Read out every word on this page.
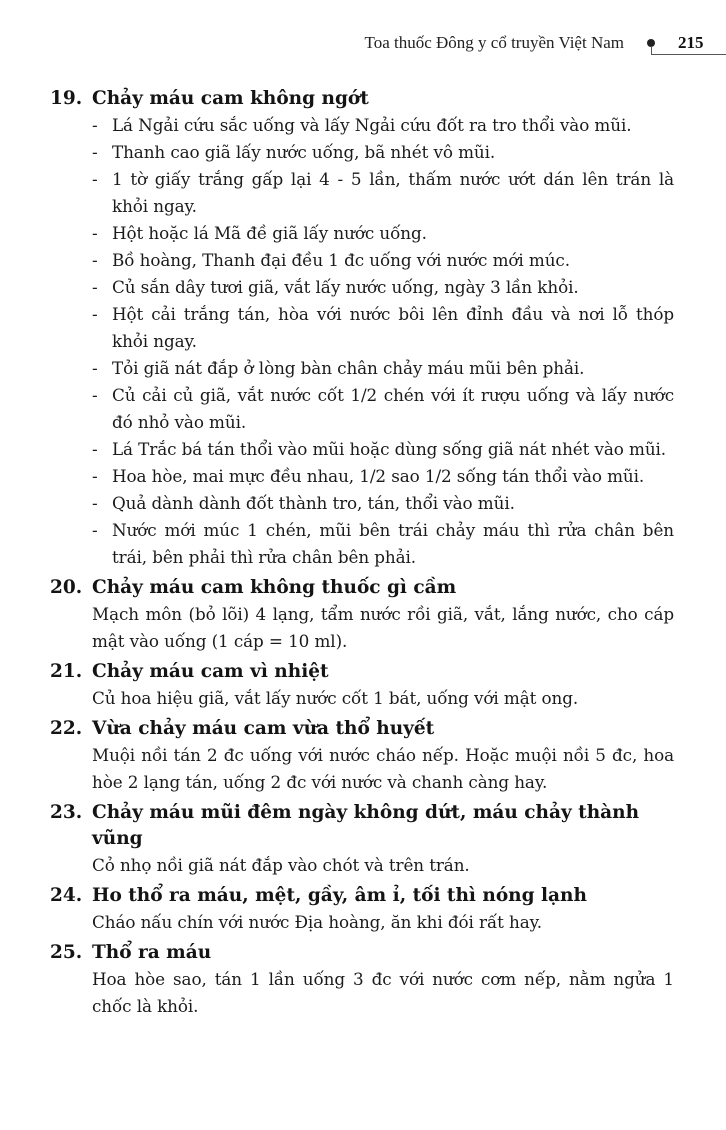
Toa thuốc Đông y cổ truyền Việt Nam	215
19. Chảy máu cam không ngớt
- Lá Ngải cứu sắc uống và lấy Ngải cứu đốt ra tro thổi vào mũi.
- Thanh cao giã lấy nước uống, bã nhét vô mũi.
- 1 tờ giấy trắng gấp lại 4 - 5 lần, thấm nước ướt dán lên trán là khỏi ngay.
- Hột hoặc lá Mã đề giã lấy nước uống.
- Bồ hoàng, Thanh đại đều 1 đc uống với nước mới múc.
- Củ sắn dây tươi giã, vắt lấy nước uống, ngày 3 lần khỏi.
- Hột cải trắng tán, hòa với nước bôi lên đỉnh đầu và nơi lỗ thóp khỏi ngay.
- Tỏi giã nát đắp ở lòng bàn chân chảy máu mũi bên phải.
- Củ cải củ giã, vắt nước cốt 1/2 chén với ít rượu uống và lấy nước đó nhỏ vào mũi.
- Lá Trắc bá tán thổi vào mũi hoặc dùng sống giã nát nhét vào mũi.
- Hoa hòe, mai mực đều nhau, 1/2 sao 1/2 sống tán thổi vào mũi.
- Quả dành dành đốt thành tro, tán, thổi vào mũi.
- Nước mới múc 1 chén, mũi bên trái chảy máu thì rửa chân bên trái, bên phải thì rửa chân bên phải.
20. Chảy máu cam không thuốc gì cầm
Mạch môn (bỏ lõi) 4 lạng, tẩm nước rồi giã, vắt, lắng nước, cho cáp mật vào uống (1 cáp = 10 ml).
21. Chảy máu cam vì nhiệt
Củ hoa hiệu giã, vắt lấy nước cốt 1 bát, uống với mật ong.
22. Vừa chảy máu cam vừa thổ huyết
Muội nồi tán 2 đc uống với nước cháo nếp. Hoặc muội nồi 5 đc, hoa hòe 2 lạng tán, uống 2 đc với nước và chanh càng hay.
23. Chảy máu mũi đêm ngày không dứt, máu chảy thành vũng
Cỏ nhọ nồi giã nát đắp vào chót và trên trán.
24. Ho thổ ra máu, mệt, gầy, âm ỉ, tối thì nóng lạnh
Cháo nấu chín với nước Địa hoàng, ăn khi đói rất hay.
25. Thổ ra máu
Hoa hòe sao, tán 1 lần uống 3 đc với nước cơm nếp, nằm ngửa 1 chốc là khỏi.
